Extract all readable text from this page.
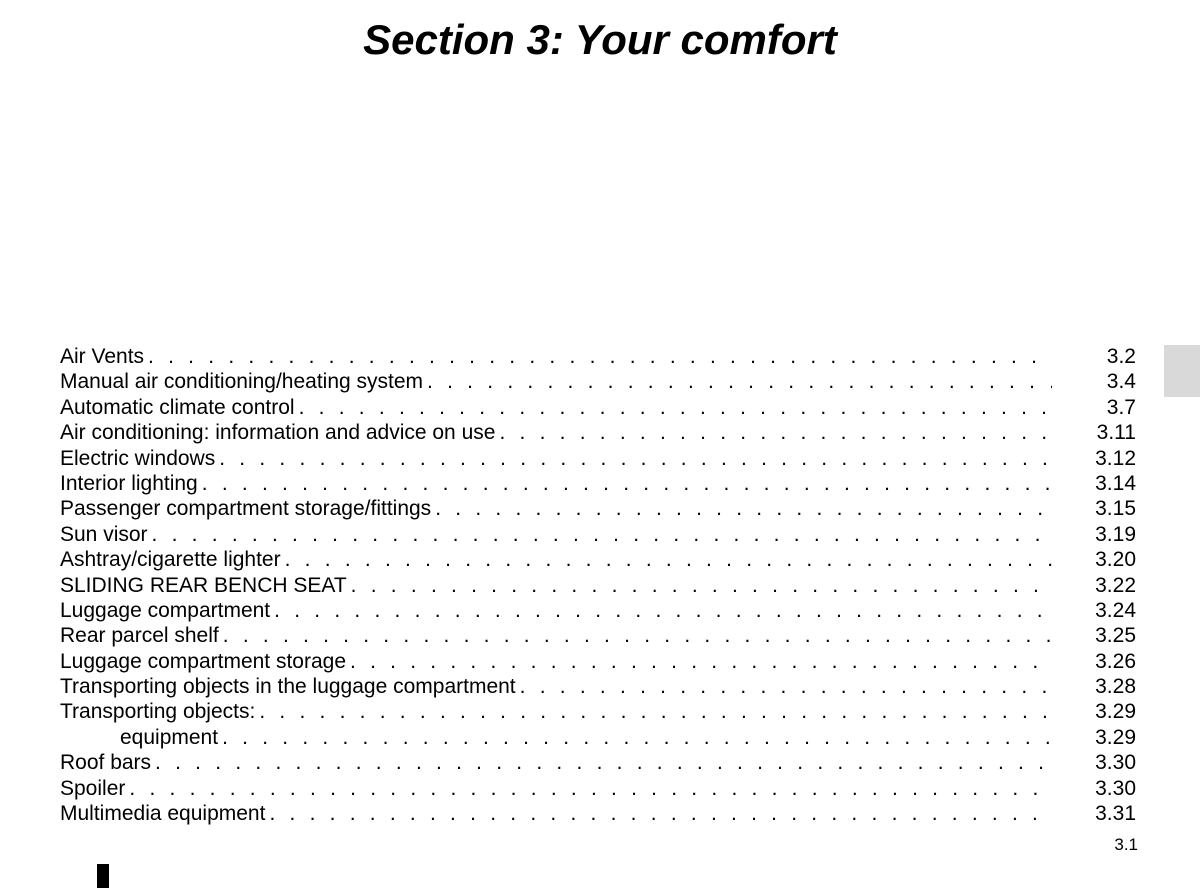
Section 3: Your comfort
Air Vents . . .	3.2
Manual air conditioning/heating system . . .	3.4
Automatic climate control . . .	3.7
Air conditioning: information and advice on use . . .	3.11
Electric windows . . .	3.12
Interior lighting . . .	3.14
Passenger compartment storage/fittings . . .	3.15
Sun visor . . .	3.19
Ashtray/cigarette lighter . . .	3.20
SLIDING REAR BENCH SEAT . . .	3.22
Luggage compartment . . .	3.24
Rear parcel shelf . . .	3.25
Luggage compartment storage . . .	3.26
Transporting objects in the luggage compartment . . .	3.28
Transporting objects: . . .	3.29
equipment . . .	3.29
Roof bars . . .	3.30
Spoiler . . .	3.30
Multimedia equipment . . .	3.31
3.1
